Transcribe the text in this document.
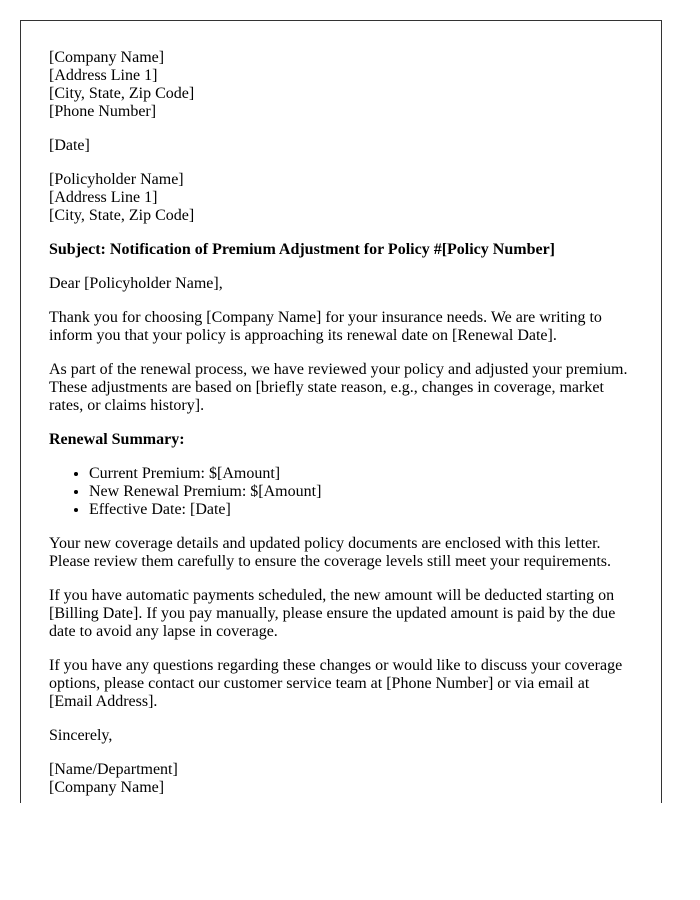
[Company Name]
[Address Line 1]
[City, State, Zip Code]
[Phone Number]

[Date]

[Policyholder Name]
[Address Line 1]
[City, State, Zip Code]

Subject: Notification of Premium Adjustment for Policy #[Policy Number]

Dear [Policyholder Name],

Thank you for choosing [Company Name] for your insurance needs. We are writing to inform you that your policy is approaching its renewal date on [Renewal Date].

As part of the renewal process, we have reviewed your policy and adjusted your premium. These adjustments are based on [briefly state reason, e.g., changes in coverage, market rates, or claims history].

Renewal Summary:

• Current Premium: $[Amount]
• New Renewal Premium: $[Amount]
• Effective Date: [Date]

Your new coverage details and updated policy documents are enclosed with this letter. Please review them carefully to ensure the coverage levels still meet your requirements.

If you have automatic payments scheduled, the new amount will be deducted starting on [Billing Date]. If you pay manually, please ensure the updated amount is paid by the due date to avoid any lapse in coverage.

If you have any questions regarding these changes or would like to discuss your coverage options, please contact our customer service team at [Phone Number] or via email at [Email Address].

Sincerely,

[Name/Department]
[Company Name]
